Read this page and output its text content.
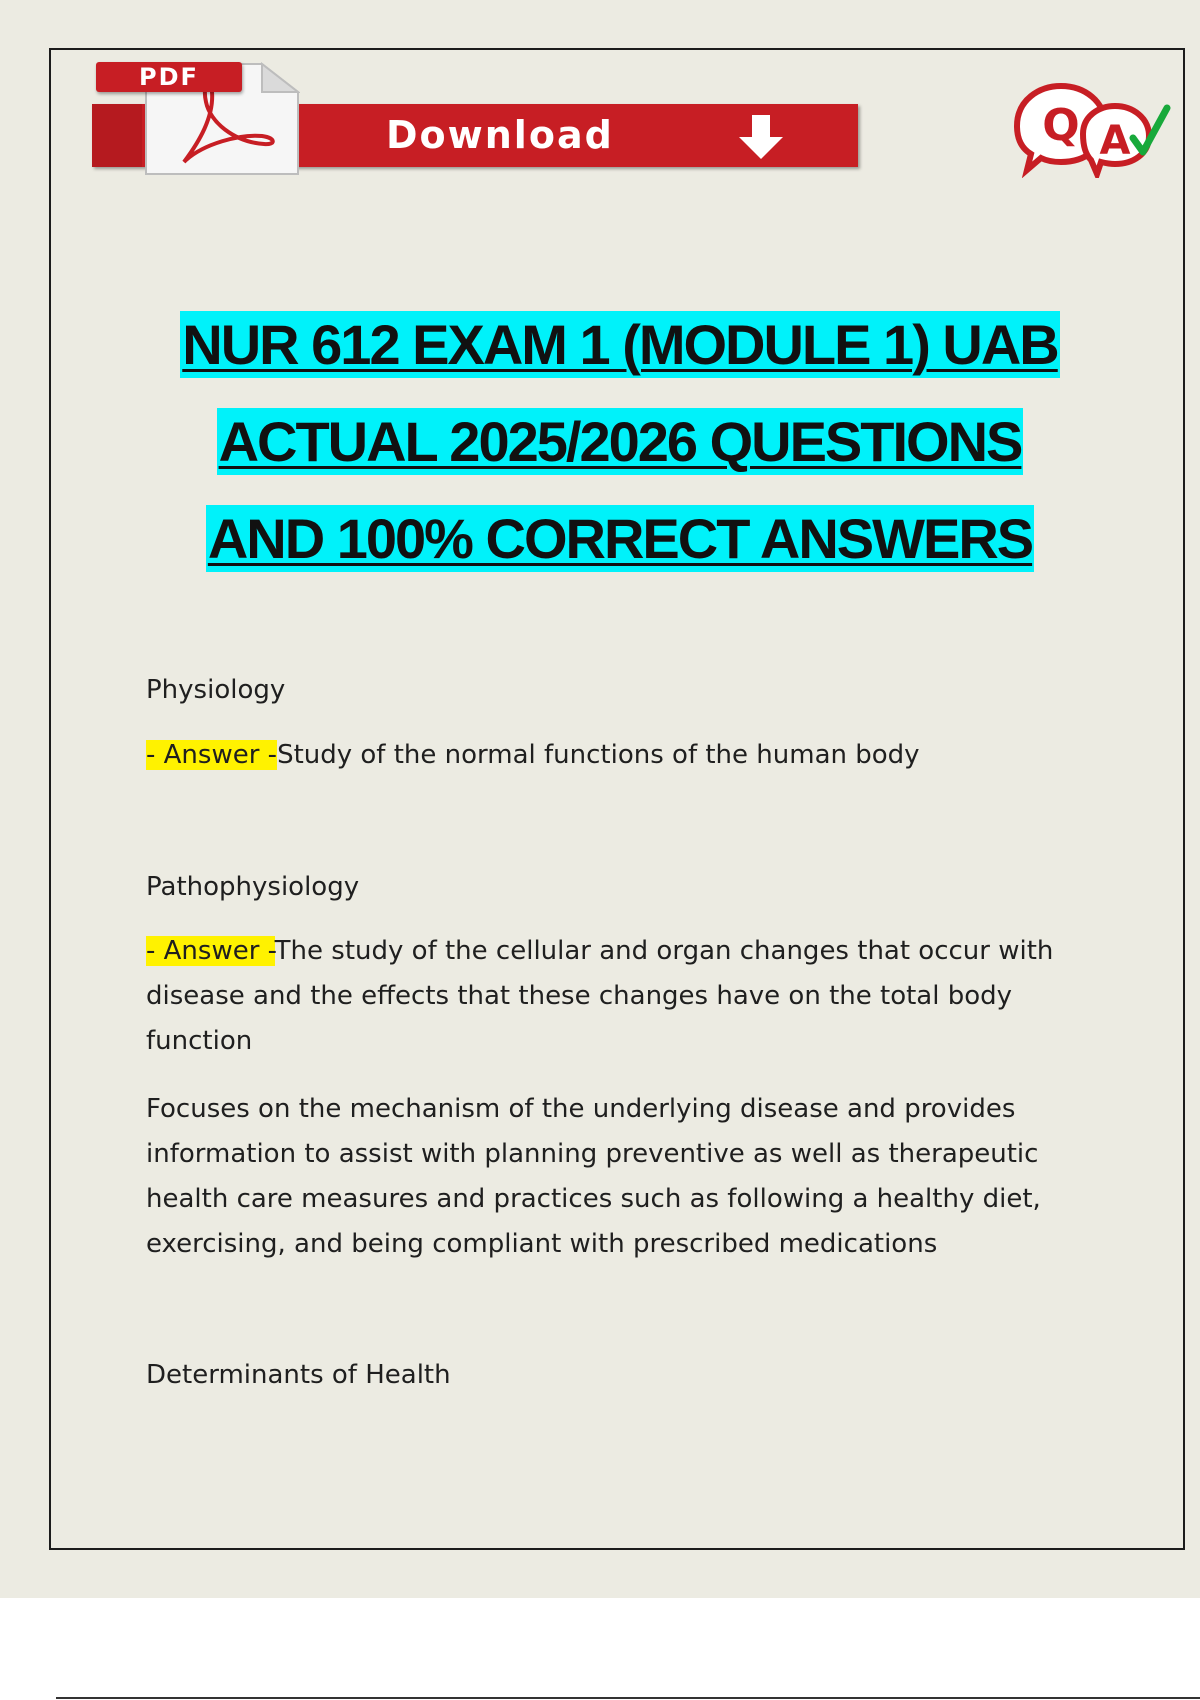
PDF
Download	Q A
NUR 612 EXAM 1 (MODULE 1) UAB
ACTUAL 2025/2026 QUESTIONS
AND 100% CORRECT ANSWERS
Physiology
- Answer -Study of the normal functions of the human body
Pathophysiology
- Answer -The study of the cellular and organ changes that occur with disease and the effects that these changes have on the total body function
Focuses on the mechanism of the underlying disease and provides information to assist with planning preventive as well as therapeutic health care measures and practices such as following a healthy diet, exercising, and being compliant with prescribed medications
Determinants of Health
